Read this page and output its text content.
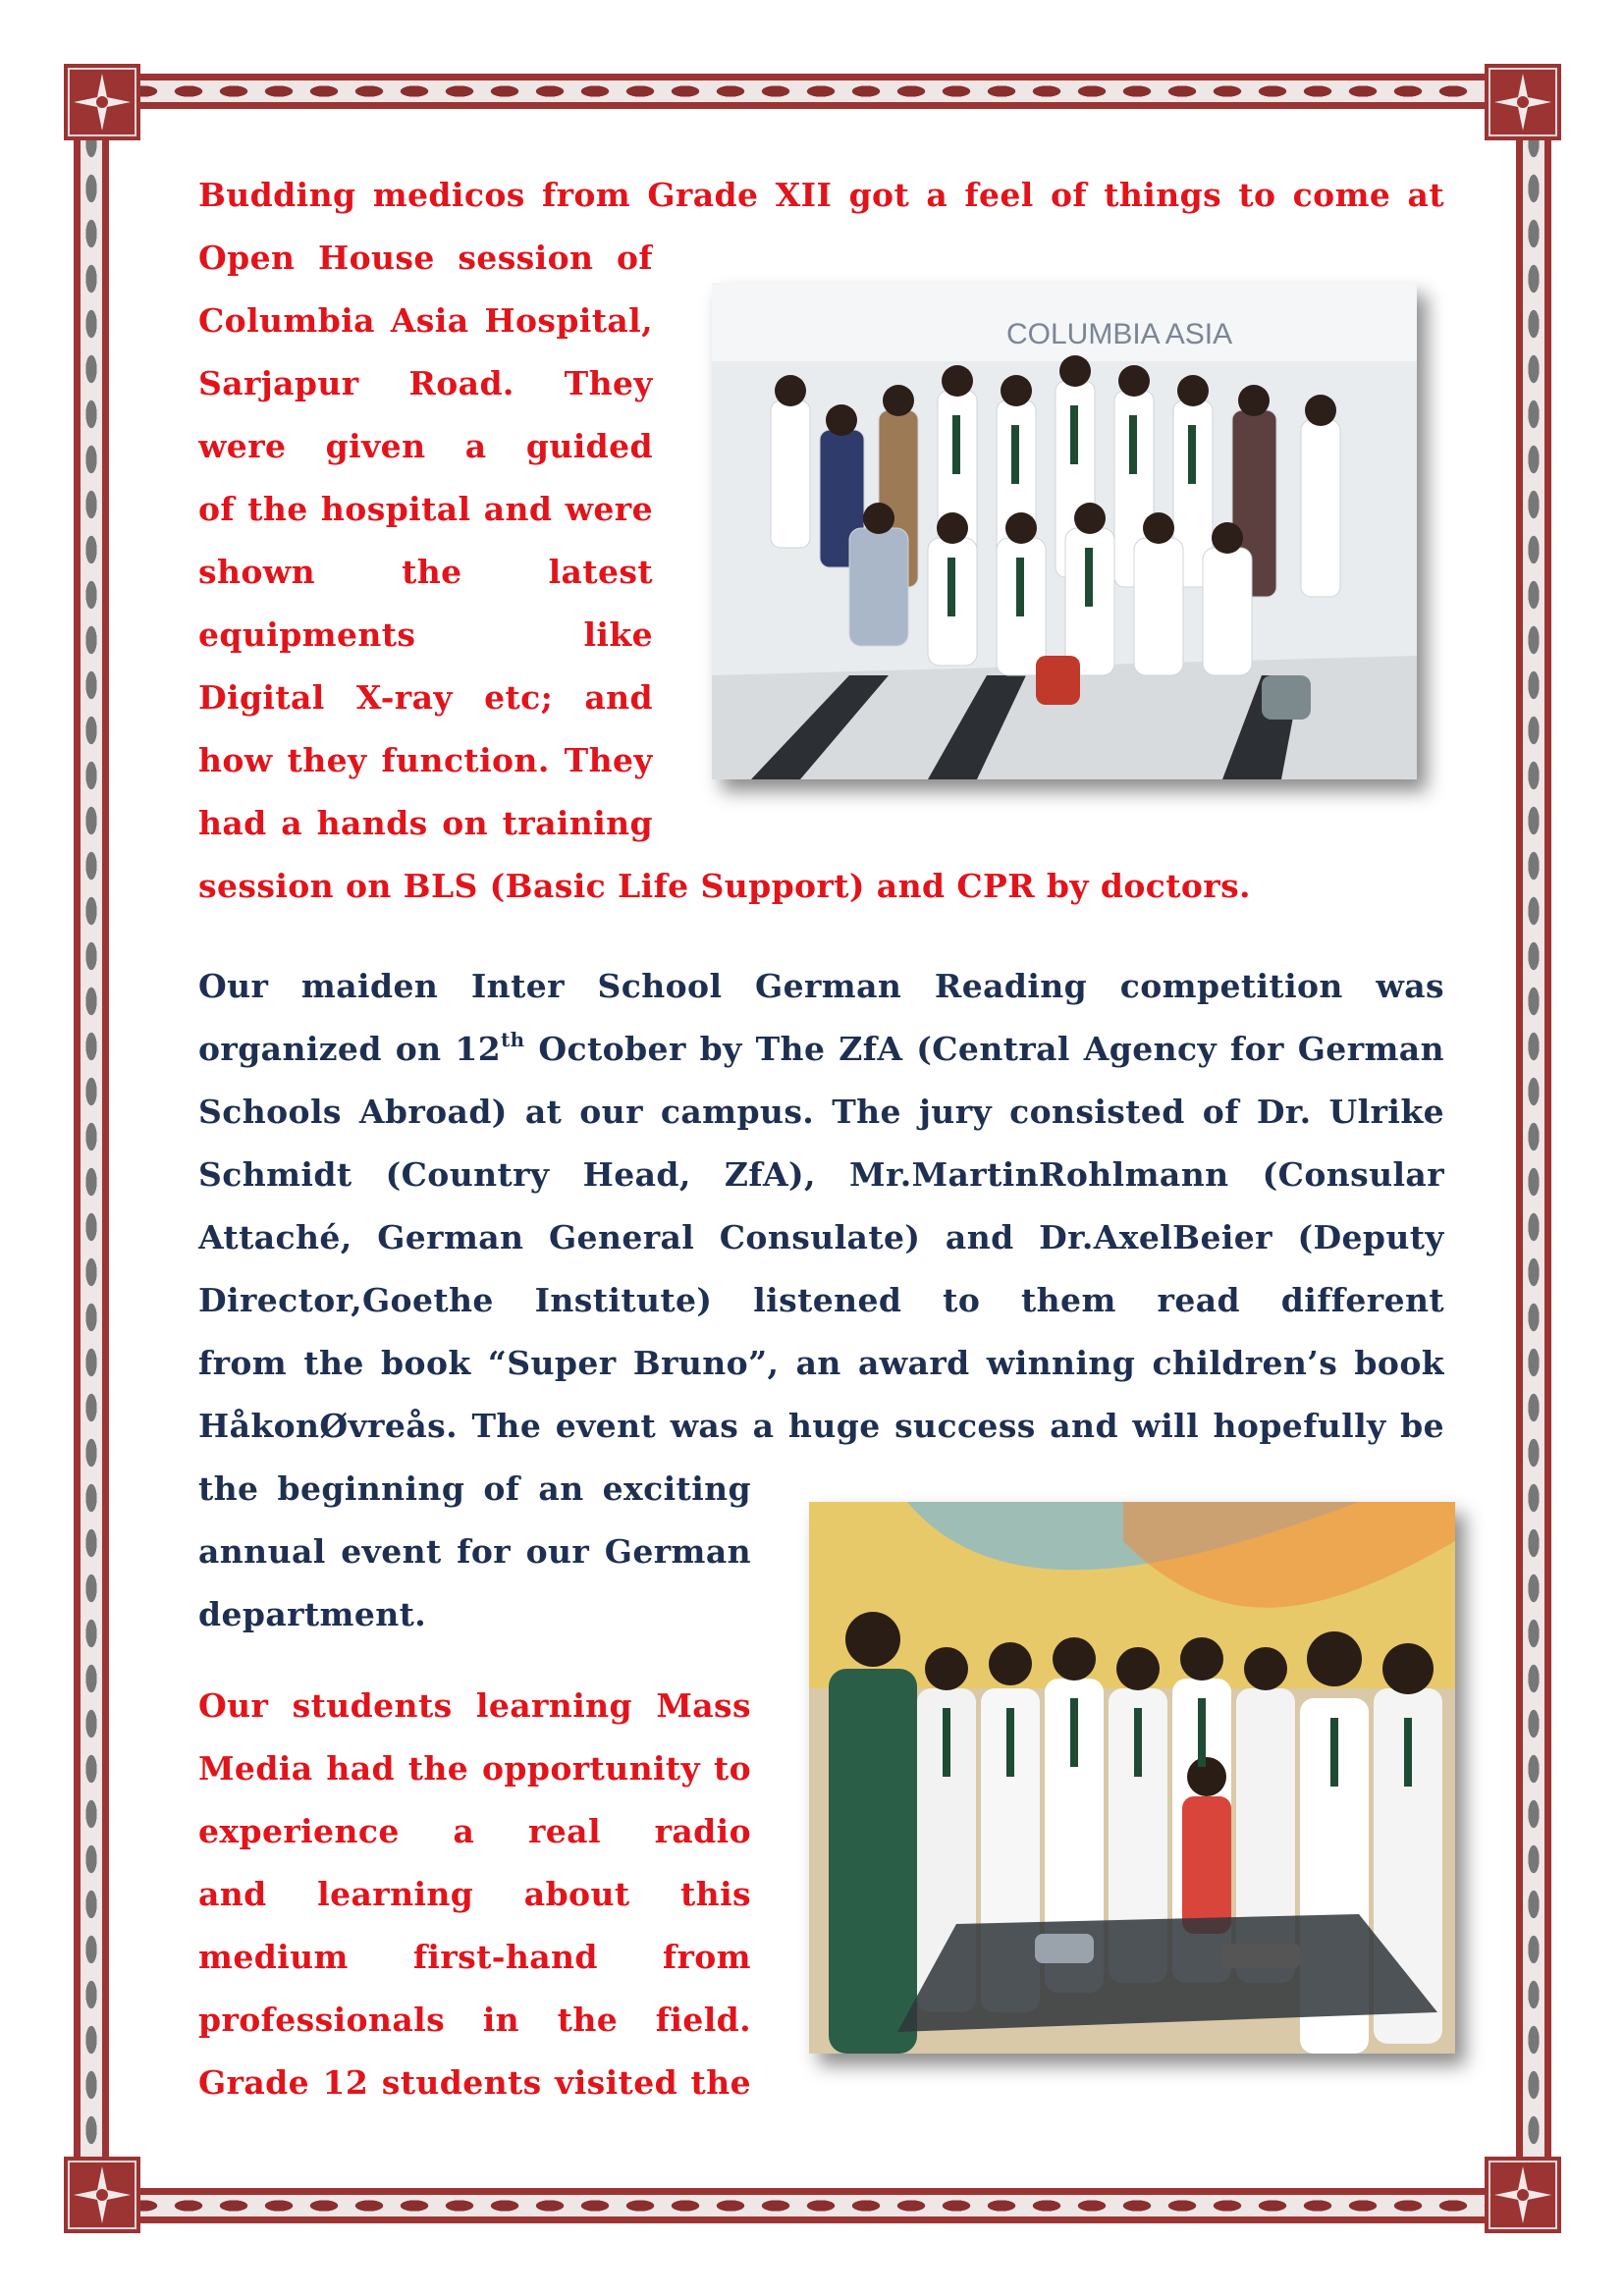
Budding medicos from Grade XII got a feel of things to come at
Open House session of
Columbia Asia Hospital,
Sarjapur Road. They
were given a guided
of the hospital and were
shown the latest
equipments like
Digital X-ray etc; and
how they function. They
had a hands on training
session on BLS (Basic Life Support) and CPR by doctors.
COLUMBIA ASIA
Our maiden Inter School German Reading competition was
organized on 12th October by The ZfA (Central Agency for German
Schools Abroad) at our campus. The jury consisted of Dr. Ulrike
Schmidt (Country Head, ZfA), Mr.MartinRohlmann (Consular
Attaché, German General Consulate) and Dr.AxelBeier (Deputy
Director,Goethe Institute) listened to them read different
from the book “Super Bruno”, an award winning children’s book
HåkonØvreås. The event was a huge success and will hopefully be
the beginning of an exciting
annual event for our German
department.
Our students learning Mass
Media had the opportunity to
experience a real radio
and learning about this
medium first-hand from
professionals in the field.
Grade 12 students visited the
